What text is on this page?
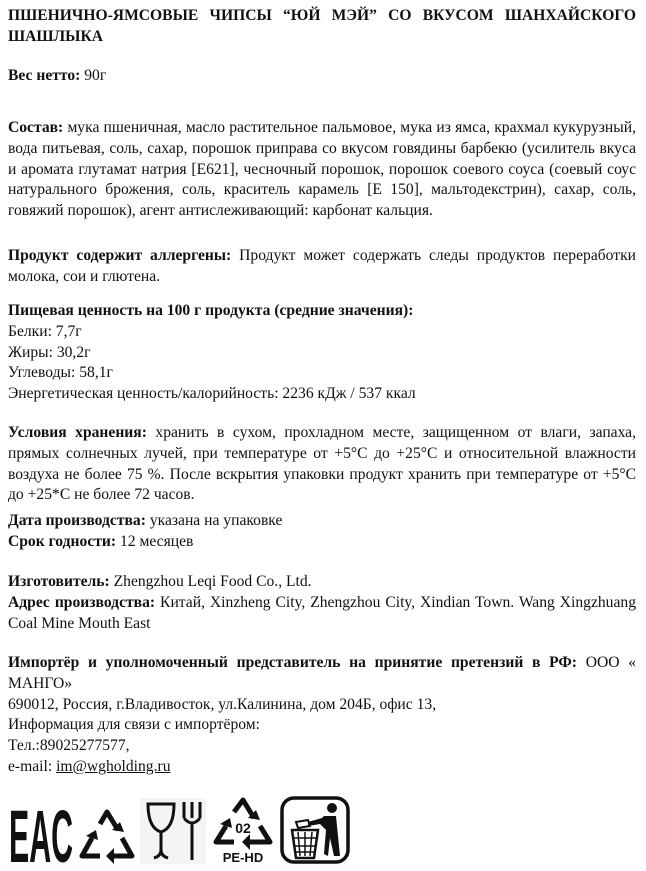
ПШЕНИЧНО-ЯМСОВЫЕ ЧИПСЫ “ЮЙ МЭЙ” СО ВКУСОМ ШАНХАЙСКОГО ШАШЛЫКА
Вес нетто: 90г
Состав: мука пшеничная, масло растительное пальмовое, мука из ямса, крахмал кукурузный, вода питьевая, соль, сахар, порошок приправа со вкусом говядины барбекю (усилитель вкуса и аромата глутамат натрия [E621], чесночный порошок, порошок соевого соуса (соевый соус натурального брожения, соль, краситель карамель [E 150], мальтодекстрин), сахар, соль, говяжий порошок), агент антислеживающий: карбонат кальция.
Продукт содержит аллергены: Продукт может содержать следы продуктов переработки молока, сои и глютена.
Пищевая ценность на 100 г продукта (средние значения):
Белки: 7,7г
Жиры: 30,2г
Углеводы: 58,1г
Энергетическая ценность/калорийность: 2236 кДж / 537 ккал
Условия хранения: хранить в сухом, прохладном месте, защищенном от влаги, запаха, прямых солнечных лучей, при температуре от +5°C до +25°C и относительной влажности воздуха не более 75 %. После вскрытия упаковки продукт хранить при температуре от +5°C до +25*C не более 72 часов.
Дата производства: указана на упаковке
Срок годности: 12 месяцев
Изготовитель: Zhengzhou Leqi Food Co., Ltd.
Адрес производства: Китай, Xinzheng City, Zhengzhou City, Xindian Town. Wang Xingzhuang Coal Mine Mouth East
Импортёр и уполномоченный представитель на принятие претензий в РФ: ООО « МАНГО»
690012, Россия, г.Владивосток, ул.Калинина, дом 204Б, офис 13,
Информация для связи с импортёром:
Тел.:89025277577,
e-mail: im@wgholding.ru
EAC	02
PE-HD
